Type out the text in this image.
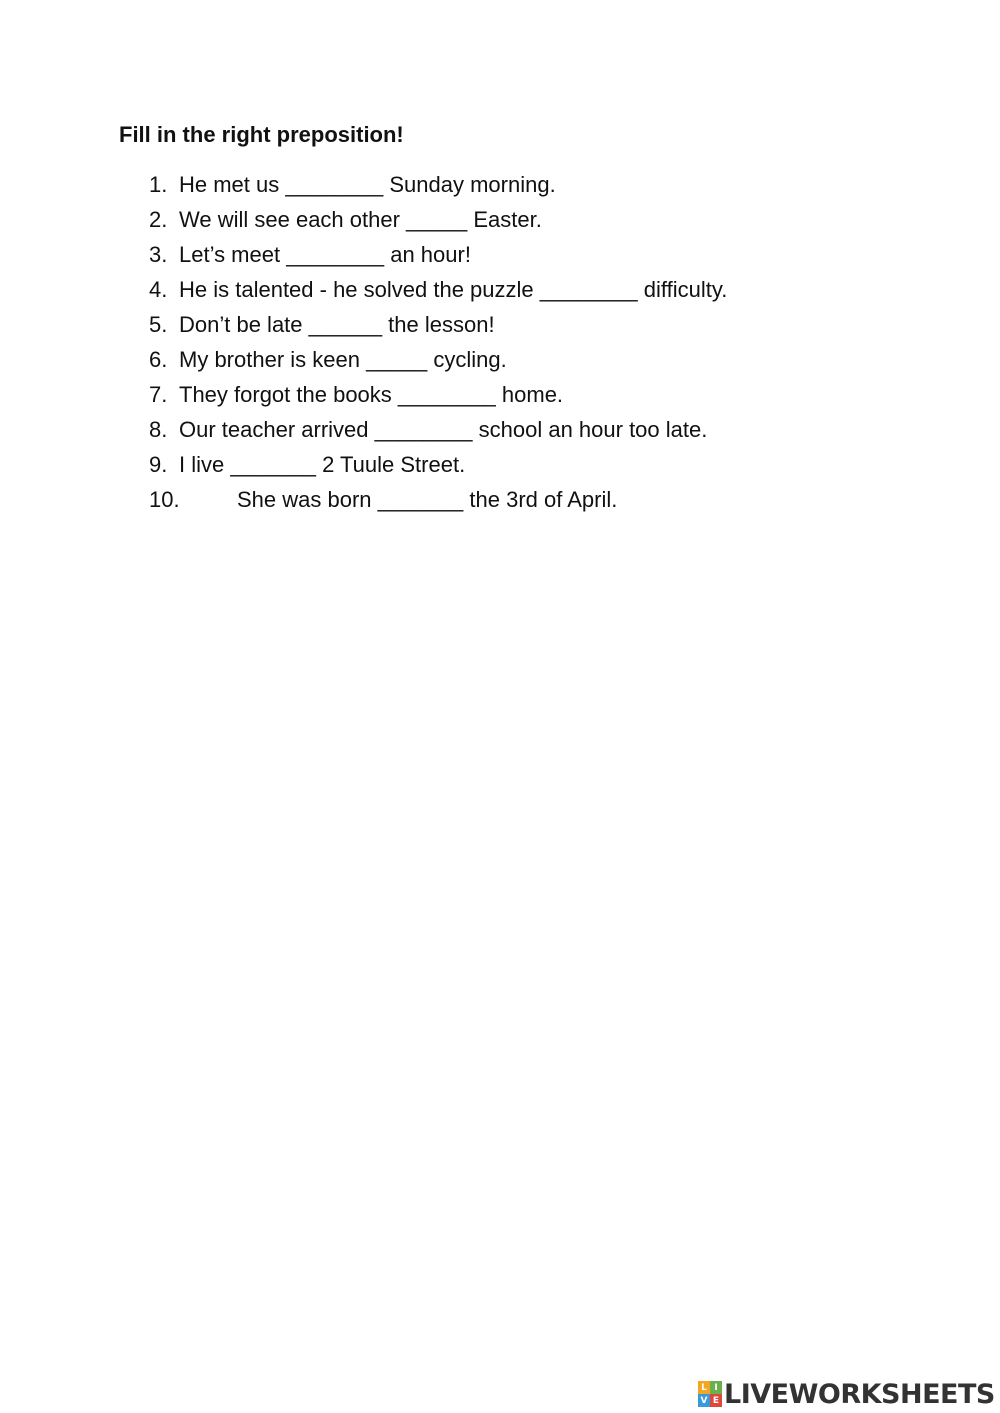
Fill in the right preposition!
1. He met us ________ Sunday morning.
2. We will see each other _____ Easter.
3. Let’s meet ________ an hour!
4. He is talented - he solved the puzzle ________ difficulty.
5. Don’t be late ______ the lesson!
6. My brother is keen _____ cycling.
7. They forgot the books ________ home.
8. Our teacher arrived ________ school an hour too late.
9. I live _______ 2 Tuule Street.
10.	She was born _______ the 3rd of April.
L I
V E LIVEWORKSHEETS
